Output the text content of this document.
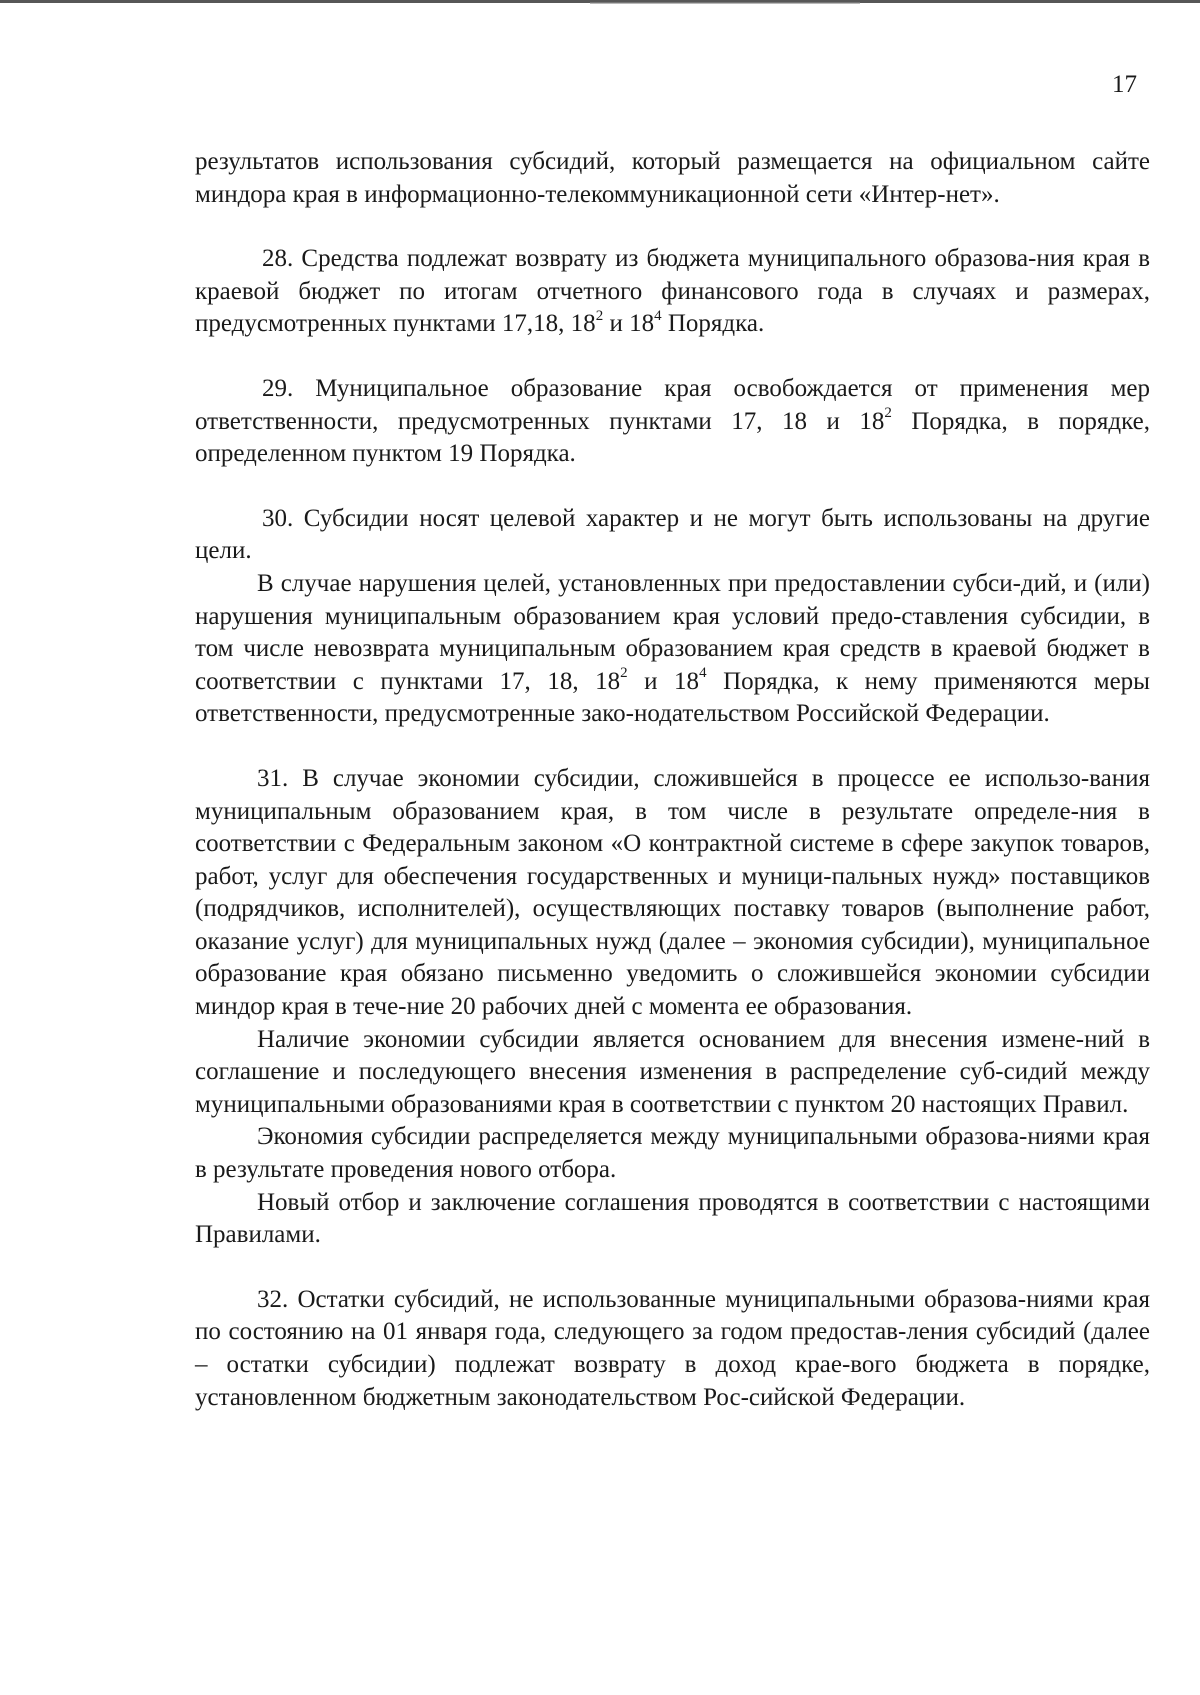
17

результатов использования субсидий, который размещается на официальном сайте миндора края в информационно-телекоммуникационной сети «Интер-нет».

28. Средства подлежат возврату из бюджета муниципального образова-ния края в краевой бюджет по итогам отчетного финансового года в случаях и размерах, предусмотренных пунктами 17,18, $18^2$ и $18^4$ Порядка.

29. Муниципальное образование края освобождается от применения мер ответственности, предусмотренных пунктами 17, 18 и $18^2$ Порядка, в порядке, определенном пунктом 19 Порядка.

30. Субсидии носят целевой характер и не могут быть использованы на другие цели.

В случае нарушения целей, установленных при предоставлении субси-дий, и (или) нарушения муниципальным образованием края условий предо-ставления субсидии, в том числе невозврата муниципальным образованием края средств в краевой бюджет в соответствии с пунктами 17, 18, $18^2$ и $18^4$ Порядка, к нему применяются меры ответственности, предусмотренные зако-нодательством Российской Федерации.

31. В случае экономии субсидии, сложившейся в процессе ее использо-вания муниципальным образованием края, в том числе в результате определе-ния в соответствии с Федеральным законом «О контрактной системе в сфере закупок товаров, работ, услуг для обеспечения государственных и муници-пальных нужд» поставщиков (подрядчиков, исполнителей), осуществляющих поставку товаров (выполнение работ, оказание услуг) для муниципальных нужд (далее – экономия субсидии), муниципальное образование края обязано письменно уведомить о сложившейся экономии субсидии миндор края в тече-ние 20 рабочих дней с момента ее образования.

Наличие экономии субсидии является основанием для внесения измене-ний в соглашение и последующего внесения изменения в распределение суб-сидий между муниципальными образованиями края в соответствии с пунктом 20 настоящих Правил.

Экономия субсидии распределяется между муниципальными образова-ниями края в результате проведения нового отбора.

Новый отбор и заключение соглашения проводятся в соответствии с настоящими Правилами.

32. Остатки субсидий, не использованные муниципальными образова-ниями края по состоянию на 01 января года, следующего за годом предостав-ления субсидий (далее – остатки субсидии) подлежат возврату в доход крае-вого бюджета в порядке, установленном бюджетным законодательством Рос-сийской Федерации.
